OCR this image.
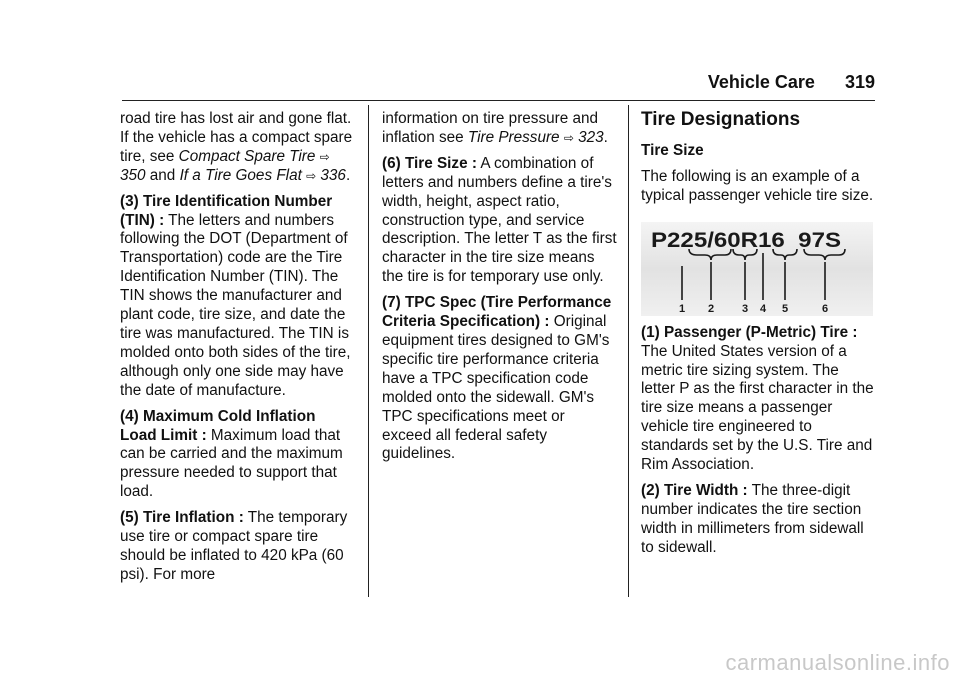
Vehicle Care 319

road tire has lost air and gone flat. If the vehicle has a compact spare tire, see Compact Spare Tire ⇨ 350 and If a Tire Goes Flat ⇨ 336.

(3) Tire Identification Number (TIN) : The letters and numbers following the DOT (Department of Transportation) code are the Tire Identification Number (TIN). The TIN shows the manufacturer and plant code, tire size, and date the tire was manufactured. The TIN is molded onto both sides of the tire, although only one side may have the date of manufacture.

(4) Maximum Cold Inflation Load Limit : Maximum load that can be carried and the maximum pressure needed to support that load.

(5) Tire Inflation : The temporary use tire or compact spare tire should be inflated to 420 kPa (60 psi). For more

information on tire pressure and inflation see Tire Pressure ⇨ 323.

(6) Tire Size : A combination of letters and numbers define a tire's width, height, aspect ratio, construction type, and service description. The letter T as the first character in the tire size means the tire is for temporary use only.

(7) TPC Spec (Tire Performance Criteria Specification) : Original equipment tires designed to GM's specific tire performance criteria have a TPC specification code molded onto the sidewall. GM's TPC specifications meet or exceed all federal safety guidelines.

Tire Designations

Tire Size

The following is an example of a typical passenger vehicle tire size.

P225/60R16  97S
1 2	3 4 5	6

(1) Passenger (P-Metric) Tire : The United States version of a metric tire sizing system. The letter P as the first character in the tire size means a passenger vehicle tire engineered to standards set by the U.S. Tire and Rim Association.

(2) Tire Width : The three-digit number indicates the tire section width in millimeters from sidewall to sidewall.

carmanualsonline.info
